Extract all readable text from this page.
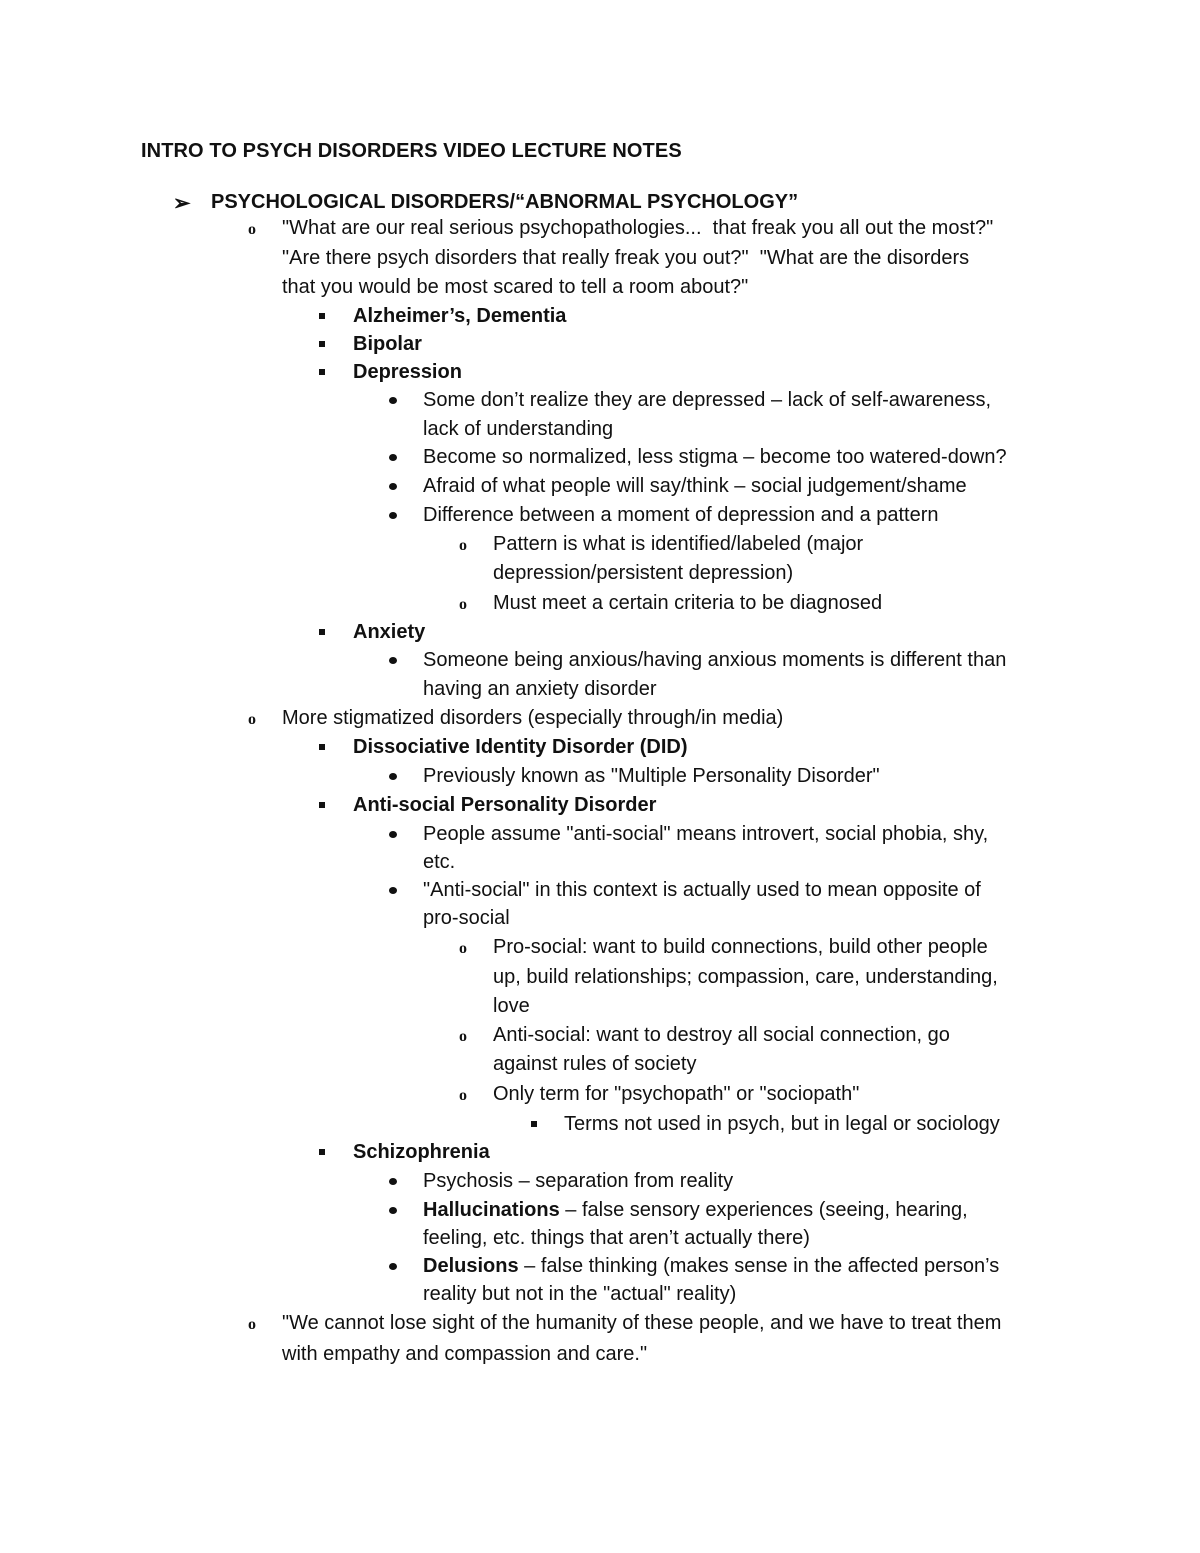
INTRO TO PSYCH DISORDERS VIDEO LECTURE NOTES
➢ PSYCHOLOGICAL DISORDERS/“ABNORMAL PSYCHOLOGY”
o "What are our real serious psychopathologies...  that freak you all out the most?"
"Are there psych disorders that really freak you out?"  "What are the disorders
that you would be most scared to tell a room about?"
Alzheimer’s, Dementia
Bipolar
Depression
Some don’t realize they are depressed – lack of self-awareness,
lack of understanding
Become so normalized, less stigma – become too watered-down?
Afraid of what people will say/think – social judgement/shame
Difference between a moment of depression and a pattern
o Pattern is what is identified/labeled (major
depression/persistent depression)
o Must meet a certain criteria to be diagnosed
Anxiety
Someone being anxious/having anxious moments is different than
having an anxiety disorder
o More stigmatized disorders (especially through/in media)
Dissociative Identity Disorder (DID)
Previously known as "Multiple Personality Disorder"
Anti-social Personality Disorder
People assume "anti-social" means introvert, social phobia, shy,
etc.
"Anti-social" in this context is actually used to mean opposite of
pro-social
o Pro-social: want to build connections, build other people
up, build relationships; compassion, care, understanding,
love
o Anti-social: want to destroy all social connection, go
against rules of society
o Only term for "psychopath" or "sociopath"
Terms not used in psych, but in legal or sociology
Schizophrenia
Psychosis – separation from reality
Hallucinations – false sensory experiences (seeing, hearing,
feeling, etc. things that aren’t actually there)
Delusions – false thinking (makes sense in the affected person’s
reality but not in the "actual" reality)
o "We cannot lose sight of the humanity of these people, and we have to treat them
with empathy and compassion and care."
